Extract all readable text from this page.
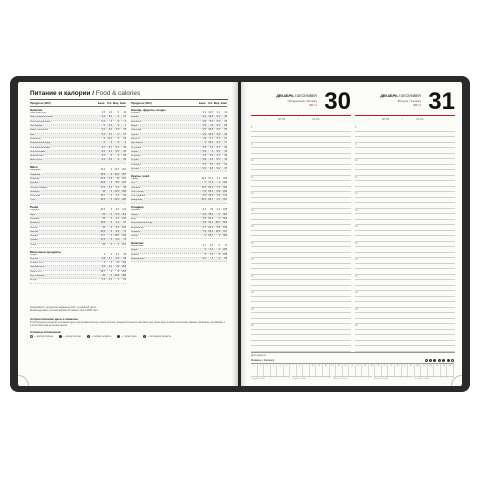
Питание и калории / Food & calories
Продукты (100г)	Белк. Угл. Жир. Ккал
Напитки
Пиво (светлое)	0,5	4,6	0	42
Пиво безалкогольное	0,2	5,2	0	27
Кофе натуральный	0,2	0	0	2
Чай черный	0	0,3	0	1
Какао с молоком	3,2	8,4	3,6	78
Квас	0,2	5,2	0	27
Кока-кола	0	10,4	0	42
Минеральная вода	0	0	0	0
Сок апельсиновый	0,7	8,1	0,2	36
Сок яблочный	0,5	9,1	0,1	46
Шампанское	0,2	5	0	88
Вино сухое	0,2	0,3	0	66
Мясо
Баранина	16,3	0	15,3	203
Говядина	18,9	0	12,4	187
Индейка	21,6	0,8	12	197
Курица	20,8	0	8,8	165
Печень говяжья	17,4	5,3	3,1	98
Свинина	16	0	21,6	259
Телятина	19,7	0	1,2	90
Утка	16,5	0	61,2	405
Рыба
Горбуша	20,5	0	6,5	142
Карп	16	0	5,3	112
Кальмар	18	0	2,2	100
Креветки	18,9	0	2,2	97
Лосось	20	0	8,1	153
Минтай	15,9	0	0,9	72
Сельдь	17,7	0	19,5	246
Треска	17,5	0	0,6	75
Тунец	23	0	1	101
Молочные продукты
Кефир	3	4	3,2	59
Молоко	2,8	4,7	3,2	58
Сливки 10%	3	4	10	118
Сметана 20%	2,8	3,2	20	206
Творог 9%	16,7	2	9	159
Сыр твердый	26	0	26,8	350
Йогурт	4,3	6,2	2	60
Продукты (100г)	Белк. Угл. Жир. Ккал
Овощи, фрукты, ягоды
Абрикос	0,9	10,5	0,1	44
Ананас	0,4	11,8	0,2	49
Апельсин	0,9	8,4	0,2	43
Банан	1,5	21	0,2	89
Виноград	0,6	16,8	0,6	69
Груша	0,4	10,9	0,3	42
Капуста	1,8	4,7	0,1	27
Картофель	2	16,1	0,4	77
Клубника	0,8	7,5	0,4	34
Лимон	0,9	3	0,1	16
Морковь	1,3	6,9	0,1	35
Огурец	0,8	2,5	0,1	15
Помидор	0,6	3,8	0,2	20
Яблоко	0,4	9,8	0,4	47
Крупы, хлеб
Гречка	12,6	57,1	3,3	308
Рис	7	77,3	1	344
Овсянка	11,9	65,4	7,2	366
Хлеб белый	7,6	50,1	0,9	235
Хлеб ржаной	6,6	34,2	1,2	174
Макароны	10,4	69,7	1,1	337
Сладкое
Варенье	0,3	56	0,2	238
Зефир	0,8	78,5	0	304
Мёд	0,8	80,3	0	329
Молочный шоколад	6,9	54,4	35,7	554
Мороженое	3,7	22,1	6,9	169
Печенье	7,5	68,4	11,8	417
Сахар	0	99,7	0	398
Напитки
Белое вино	0,1	2,6	0	71
Водка	0	0,4	0	235
Коньяк	0	1,5	0	239
Шампанское	0,2	5	0	88
Калорийность продуктов указана на 100 г съедобной части.
Рекомендуемая суточная норма составляет около 2000 ккал.
Астрологические даты и символы
В последующих разделах на каждый день года указаны восход и заход Солнца, продолжительность светового дня, фазы Луны и время её восхода. Данные приведены для Москвы с учётом перехода на зимнее время.
Условные обозначения:
— восход Солнца	— заход Солнца	— первая четверть	— полнолуние	— последняя четверть
ДЕКАБРЬ / DECEMBER
Понедельник / Monday
364 / 1 30
☼	08:58	☾	16:00
ДЕКАБРЬ / DECEMBER
Вторник / Tuesday
365 / 0 31
☼	08:58	☾	16:00
8
9
10
11
12
13
14
15
16
17
18
19
20
8
9
10
11
12
13
14
15
16
17
18
19
20
Для заметок
Январь / January
1	2	3	4	5	6	7	8	9	10	11	12	13	14	15	16	17	18	19	20	21	22	23	24	25	26	27	28	29	30	31
1 неделя / 1 week	2 неделя / 2 week	3 неделя / 3 week	4 неделя / 4 week	5 неделя / 5 week
